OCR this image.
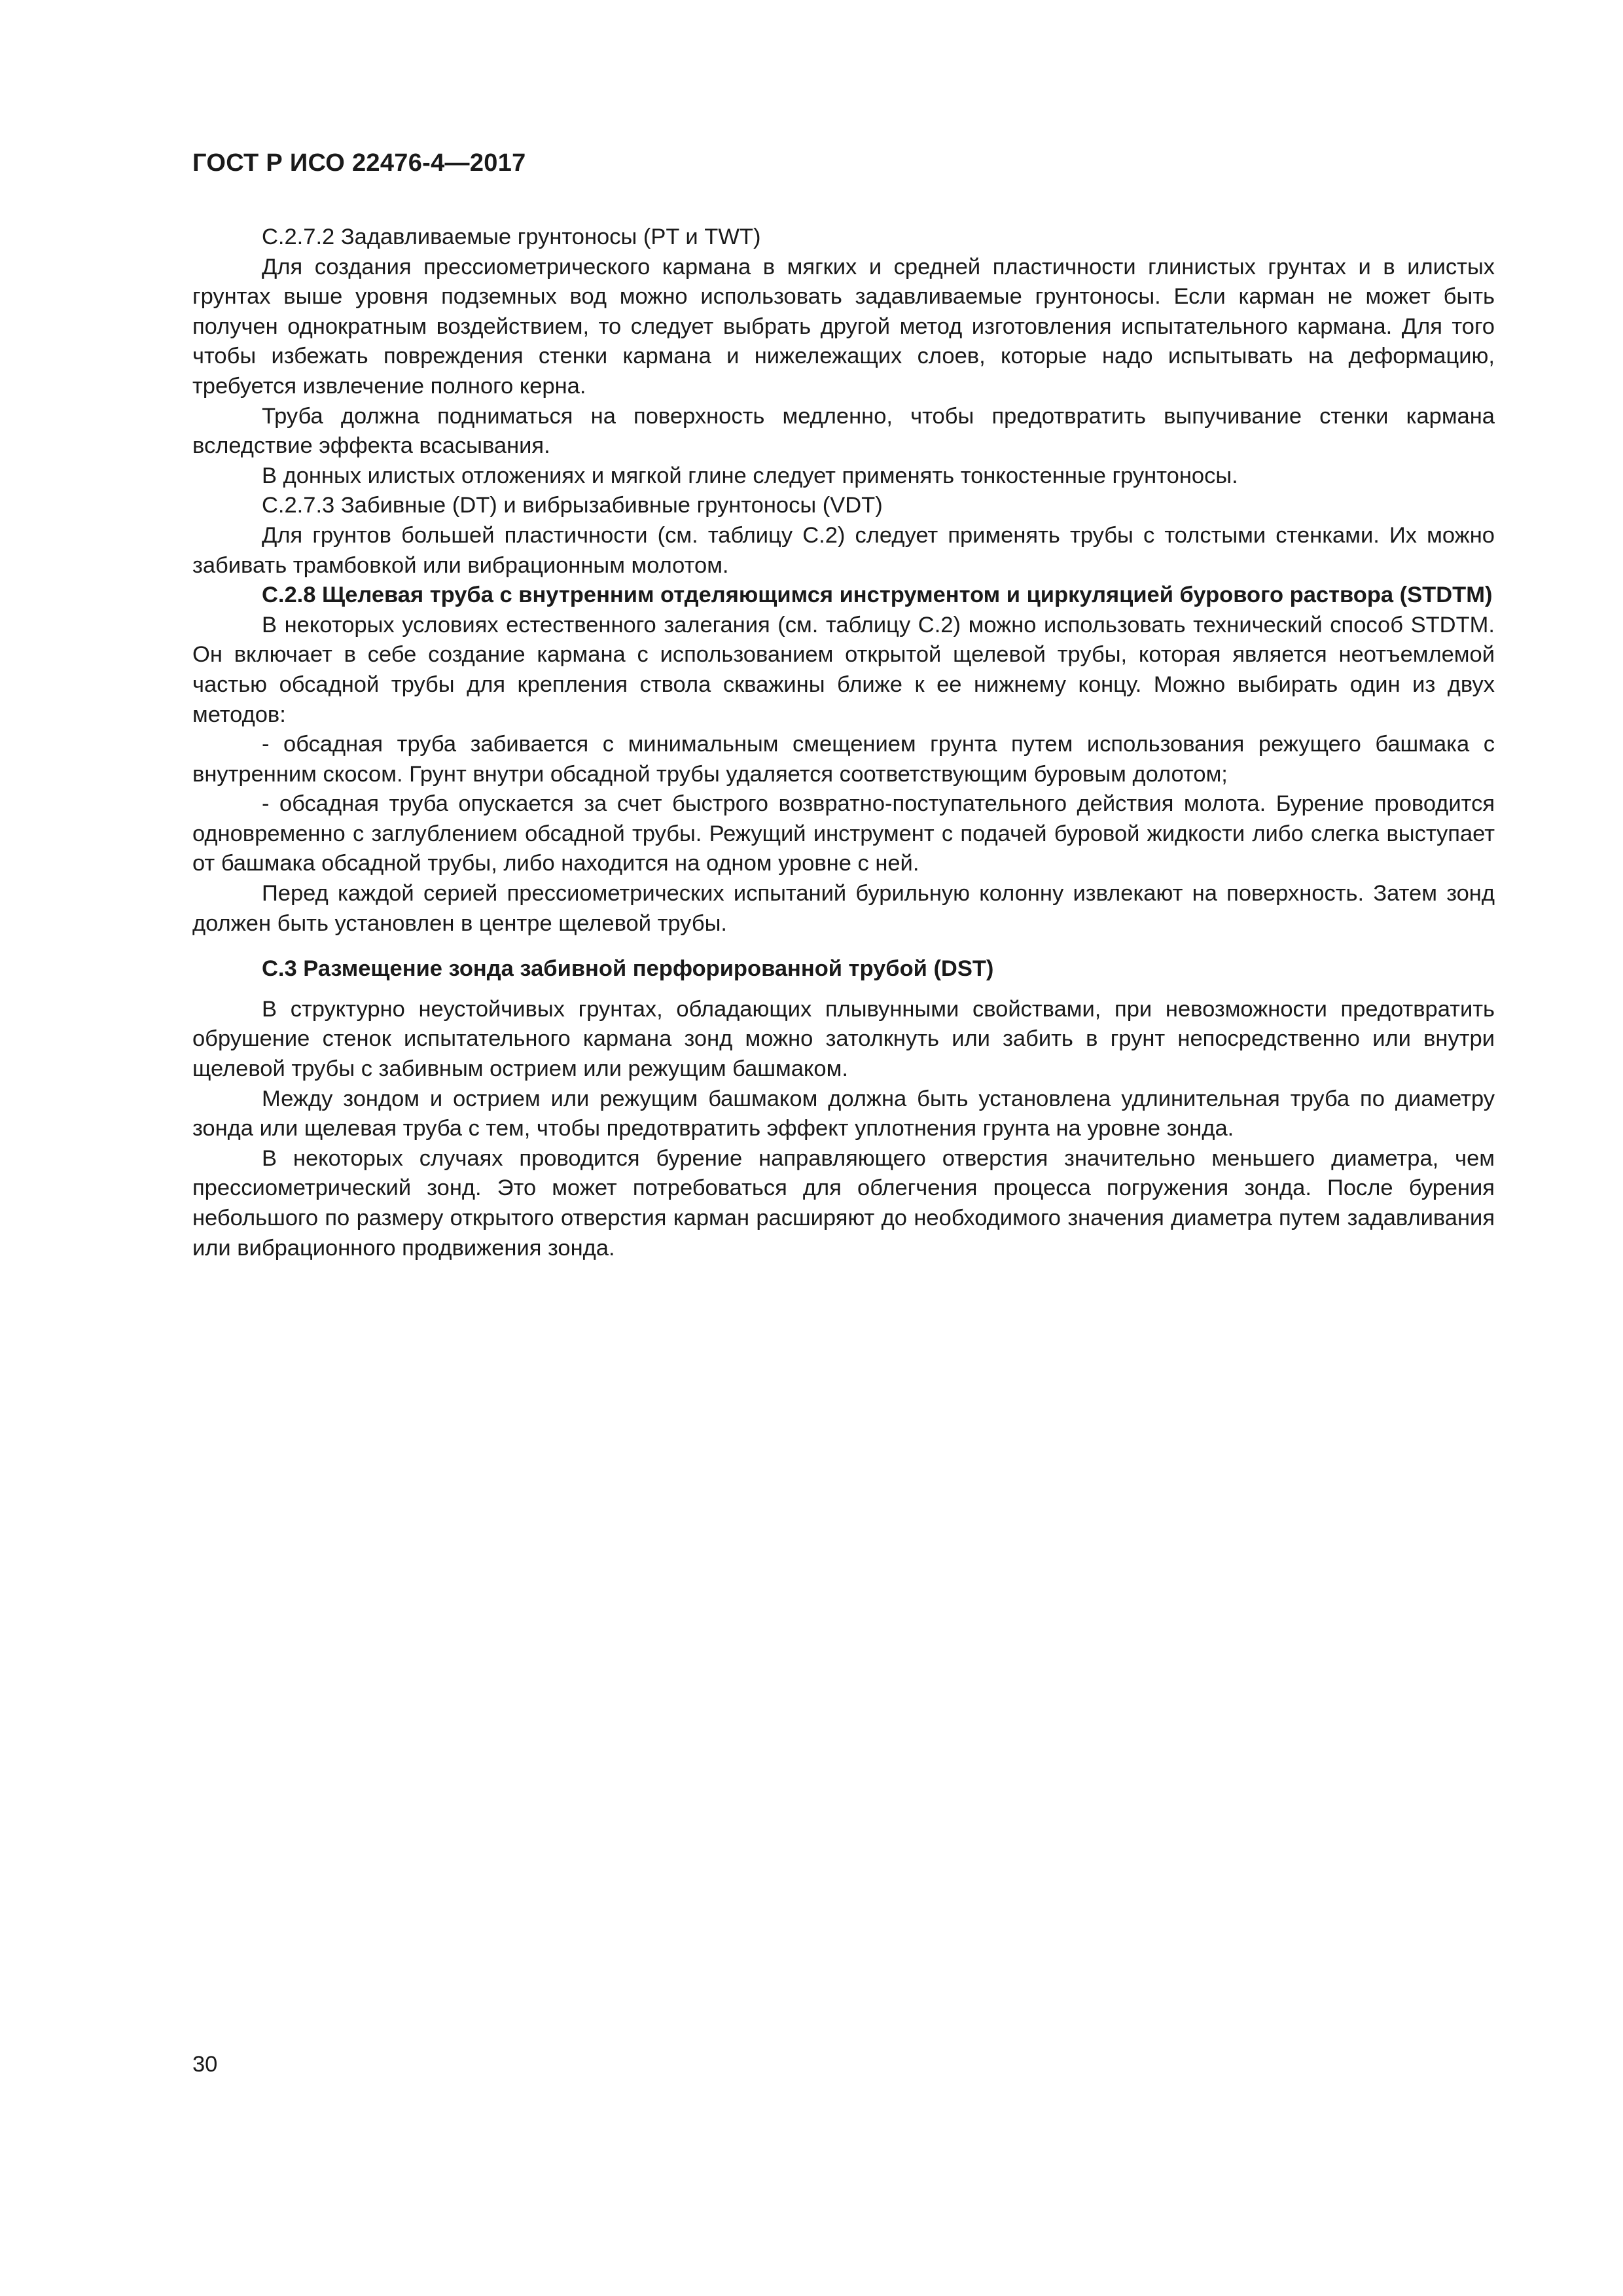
ГОСТ Р ИСО 22476-4—2017

С.2.7.2 Задавливаемые грунтоносы (PT и TWT)

Для создания прессиометрического кармана в мягких и средней пластичности глинистых грунтах и в илистых грунтах выше уровня подземных вод можно использовать задавливаемые грунтоносы. Если карман не может быть получен однократным воздействием, то следует выбрать другой метод изготовления испытательного кармана. Для того чтобы избежать повреждения стенки кармана и нижележащих слоев, которые надо испытывать на деформацию, требуется извлечение полного керна.

Труба должна подниматься на поверхность медленно, чтобы предотвратить выпучивание стенки кармана вследствие эффекта всасывания.

В донных илистых отложениях и мягкой глине следует применять тонкостенные грунтоносы.

С.2.7.3 Забивные (DT) и вибрызабивные грунтоносы (VDT)

Для грунтов большей пластичности (см. таблицу С.2) следует применять трубы с толстыми стенками. Их можно забивать трамбовкой или вибрационным молотом.

С.2.8 Щелевая труба с внутренним отделяющимся инструментом и циркуляцией бурового раствора (STDTM)

В некоторых условиях естественного залегания (см. таблицу С.2) можно использовать технический способ STDTM. Он включает в себе создание кармана с использованием открытой щелевой трубы, которая является неотъемлемой частью обсадной трубы для крепления ствола скважины ближе к ее нижнему концу. Можно выбирать один из двух методов:

- обсадная труба забивается с минимальным смещением грунта путем использования режущего башмака с внутренним скосом. Грунт внутри обсадной трубы удаляется соответствующим буровым долотом;

- обсадная труба опускается за счет быстрого возвратно-поступательного действия молота. Бурение проводится одновременно с заглублением обсадной трубы. Режущий инструмент с подачей буровой жидкости либо слегка выступает от башмака обсадной трубы, либо находится на одном уровне с ней.

Перед каждой серией прессиометрических испытаний бурильную колонну извлекают на поверхность. Затем зонд должен быть установлен в центре щелевой трубы.

С.3 Размещение зонда забивной перфорированной трубой (DST)

В структурно неустойчивых грунтах, обладающих плывунными свойствами, при невозможности предотвратить обрушение стенок испытательного кармана зонд можно затолкнуть или забить в грунт непосредственно или внутри щелевой трубы с забивным острием или режущим башмаком.

Между зондом и острием или режущим башмаком должна быть установлена удлинительная труба по диаметру зонда или щелевая труба с тем, чтобы предотвратить эффект уплотнения грунта на уровне зонда.

В некоторых случаях проводится бурение направляющего отверстия значительно меньшего диаметра, чем прессиометрический зонд. Это может потребоваться для облегчения процесса погружения зонда. После бурения небольшого по размеру открытого отверстия карман расширяют до необходимого значения диаметра путем задавливания или вибрационного продвижения зонда.

30
